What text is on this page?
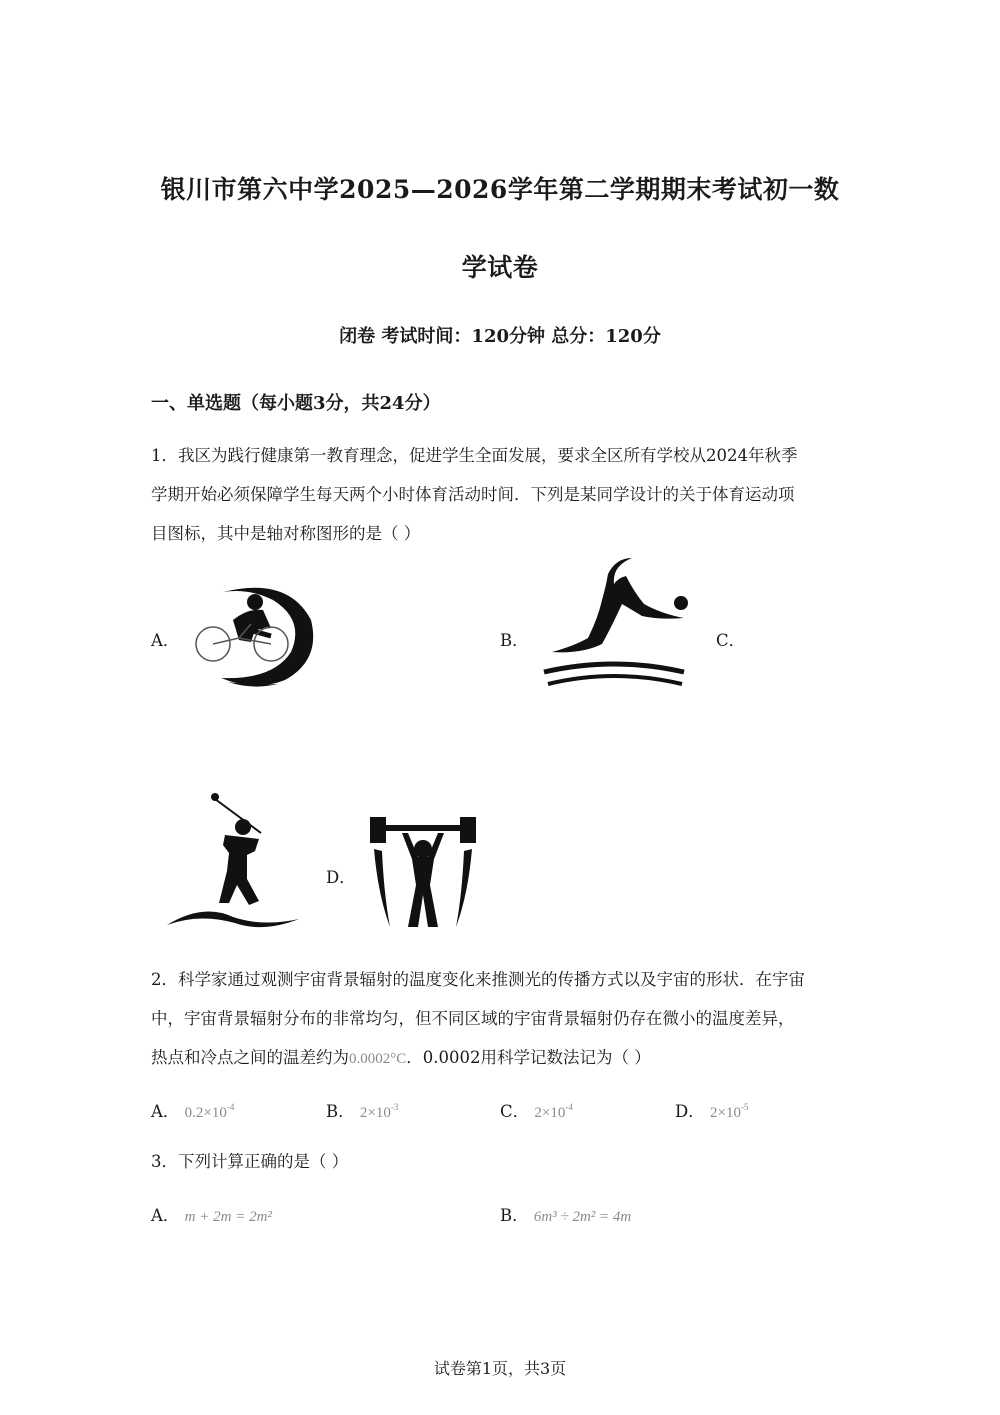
银川市第六中学2025—2026学年第二学期期末考试初一数
学试卷
闭卷 考试时间：120分钟 总分：120分
一、单选题（每小题3分，共24分）
1．我区为践行健康第一教育理念，促进学生全面发展，要求全区所有学校从2024年秋季
学期开始必须保障学生每天两个小时体育活动时间．下列是某同学设计的关于体育运动项
目图标，其中是轴对称图形的是（ ）
A．	B．	C．
D．
2．科学家通过观测宇宙背景辐射的温度变化来推测光的传播方式以及宇宙的形状．在宇宙
中，宇宙背景辐射分布的非常均匀，但不同区域的宇宙背景辐射仍存在微小的温度差异，
热点和冷点之间的温差约为0.0002°C．0.0002用科学记数法记为（ ）
A． $0.2\times 10^{-4}$	B． $2\times 10^{-3}$	C． $2\times 10^{-4}$	D． $2\times 10^{-5}$
3．下列计算正确的是（ ）
A． m + 2m = 2m²	B． 6m³ ÷ 2m² = 4m
试卷第1页，共3页
